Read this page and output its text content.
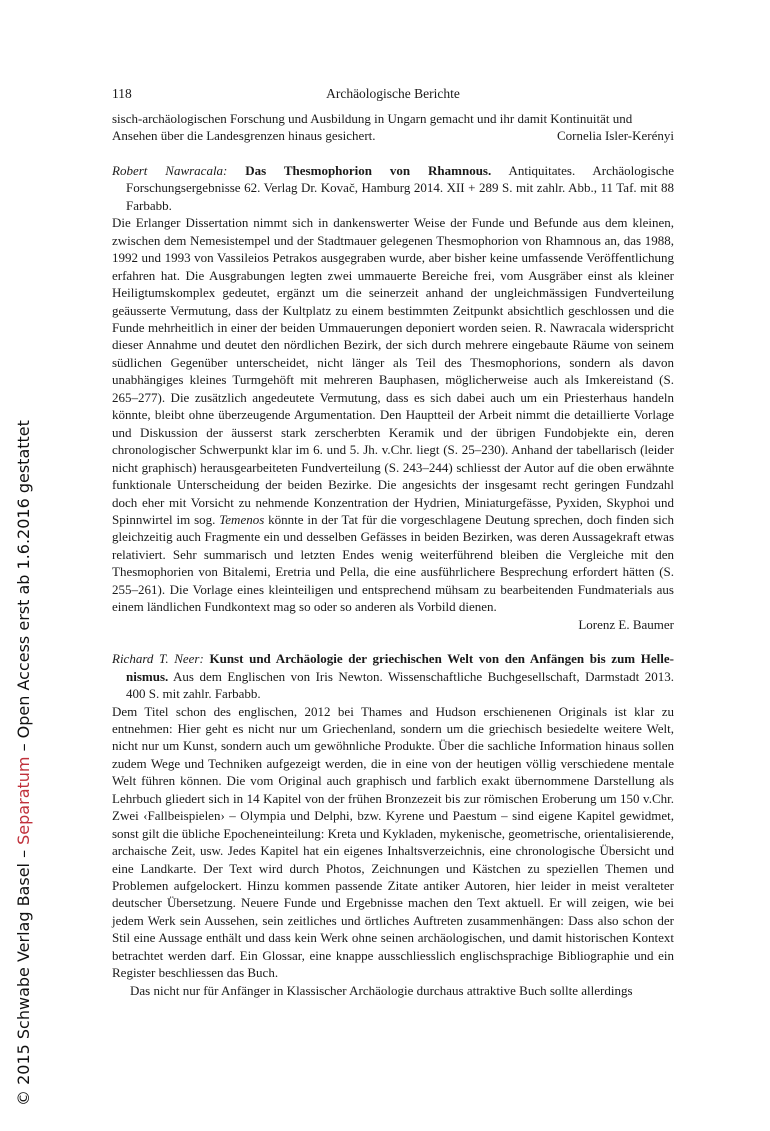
118	Archäologische Berichte

sisch-archäologischen Forschung und Ausbildung in Ungarn gemacht und ihr damit Kontinuität und

Ansehen über die Landesgrenzen hinaus gesichert.	Cornelia Isler-Kerényi

Robert Nawracala: Das Thesmophorion von Rhamnous. Antiquitates. Archäologische Forschungsergebnisse 62. Verlag Dr. Kovač, Hamburg 2014. XII + 289 S. mit zahlr. Abb., 11 Taf. mit 88 Farbabb.

Die Erlanger Dissertation nimmt sich in dankenswerter Weise der Funde und Befunde aus dem kleinen, zwischen dem Nemesistempel und der Stadtmauer gelegenen Thesmophorion von Rhamnous an, das 1988, 1992 und 1993 von Vassileios Petrakos ausgegraben wurde, aber bisher keine umfassende Veröffentlichung erfahren hat. Die Ausgrabungen legten zwei ummauerte Bereiche frei, vom Ausgräber einst als kleiner Heiligtumskomplex gedeutet, ergänzt um die seinerzeit anhand der ungleichmässigen Fundverteilung geäusserte Vermutung, dass der Kultplatz zu einem bestimmten Zeitpunkt absichtlich geschlossen und die Funde mehrheitlich in einer der beiden Ummauerungen deponiert worden seien. R. Nawracala widerspricht dieser Annahme und deutet den nördlichen Bezirk, der sich durch mehrere eingebaute Räume von seinem südlichen Gegenüber unterscheidet, nicht länger als Teil des Thesmophorions, sondern als davon unabhängiges kleines Turmgehöft mit mehreren Bauphasen, möglicherweise auch als Imkereistand (S. 265–277). Die zusätzlich angedeutete Vermutung, dass es sich dabei auch um ein Priesterhaus handeln könnte, bleibt ohne überzeugende Argumentation. Den Hauptteil der Arbeit nimmt die detaillierte Vorlage und Diskussion der äusserst stark zerscherbten Keramik und der übrigen Fundobjekte ein, deren chronologischer Schwerpunkt klar im 6. und 5. Jh. v.Chr. liegt (S. 25–230). Anhand der tabellarisch (leider nicht graphisch) herausgearbeiteten Fundverteilung (S. 243–244) schliesst der Autor auf die oben erwähnte funktionale Unterscheidung der beiden Bezirke. Die angesichts der insgesamt recht geringen Fundzahl doch eher mit Vorsicht zu nehmende Konzentration der Hydrien, Miniaturgefässe, Pyxiden, Skyphoi und Spinnwirtel im sog. Temenos könnte in der Tat für die vorgeschlagene Deutung sprechen, doch finden sich gleichzeitig auch Fragmente ein und desselben Gefässes in beiden Bezirken, was deren Aussagekraft etwas relativiert. Sehr summarisch und letzten Endes wenig weiterführend bleiben die Vergleiche mit den Thesmophorien von Bitalemi, Eretria und Pella, die eine ausführlichere Besprechung erfordert hätten (S. 255–261). Die Vorlage eines kleinteiligen und entsprechend mühsam zu bearbeitenden Fundmaterials aus einem ländlichen Fundkontext mag so oder so anderen als Vorbild dienen.

Lorenz E. Baumer

Richard T. Neer: Kunst und Archäologie der griechischen Welt von den Anfängen bis zum Hellenismus. Aus dem Englischen von Iris Newton. Wissenschaftliche Buchgesellschaft, Darmstadt 2013. 400 S. mit zahlr. Farbabb.

Dem Titel schon des englischen, 2012 bei Thames and Hudson erschienenen Originals ist klar zu entnehmen: Hier geht es nicht nur um Griechenland, sondern um die griechisch besiedelte weitere Welt, nicht nur um Kunst, sondern auch um gewöhnliche Produkte. Über die sachliche Information hinaus sollen zudem Wege und Techniken aufgezeigt werden, die in eine von der heutigen völlig verschiedene mentale Welt führen können. Die vom Original auch graphisch und farblich exakt übernommene Darstellung als Lehrbuch gliedert sich in 14 Kapitel von der frühen Bronzezeit bis zur römischen Eroberung um 150 v.Chr. Zwei ‹Fallbeispielen› – Olympia und Delphi, bzw. Kyrene und Paestum – sind eigene Kapitel gewidmet, sonst gilt die übliche Epocheneinteilung: Kreta und Kykladen, mykenische, geometrische, orientalisierende, archaische Zeit, usw. Jedes Kapitel hat ein eigenes Inhaltsverzeichnis, eine chronologische Übersicht und eine Landkarte. Der Text wird durch Photos, Zeichnungen und Kästchen zu speziellen Themen und Problemen aufgelockert. Hinzu kommen passende Zitate antiker Autoren, hier leider in meist veralteter deutscher Übersetzung. Neuere Funde und Ergebnisse machen den Text aktuell. Er will zeigen, wie bei jedem Werk sein Aussehen, sein zeitliches und örtliches Auftreten zusammenhängen: Dass also schon der Stil eine Aussage enthält und dass kein Werk ohne seinen archäologischen, und damit historischen Kontext betrachtet werden darf. Ein Glossar, eine knappe ausschliesslich englischsprachige Bibliographie und ein Register beschliessen das Buch.

Das nicht nur für Anfänger in Klassischer Archäologie durchaus attraktive Buch sollte allerdings

© 2015 Schwabe Verlag Basel – Separatum – Open Access erst ab 1.6.2016 gestattet
